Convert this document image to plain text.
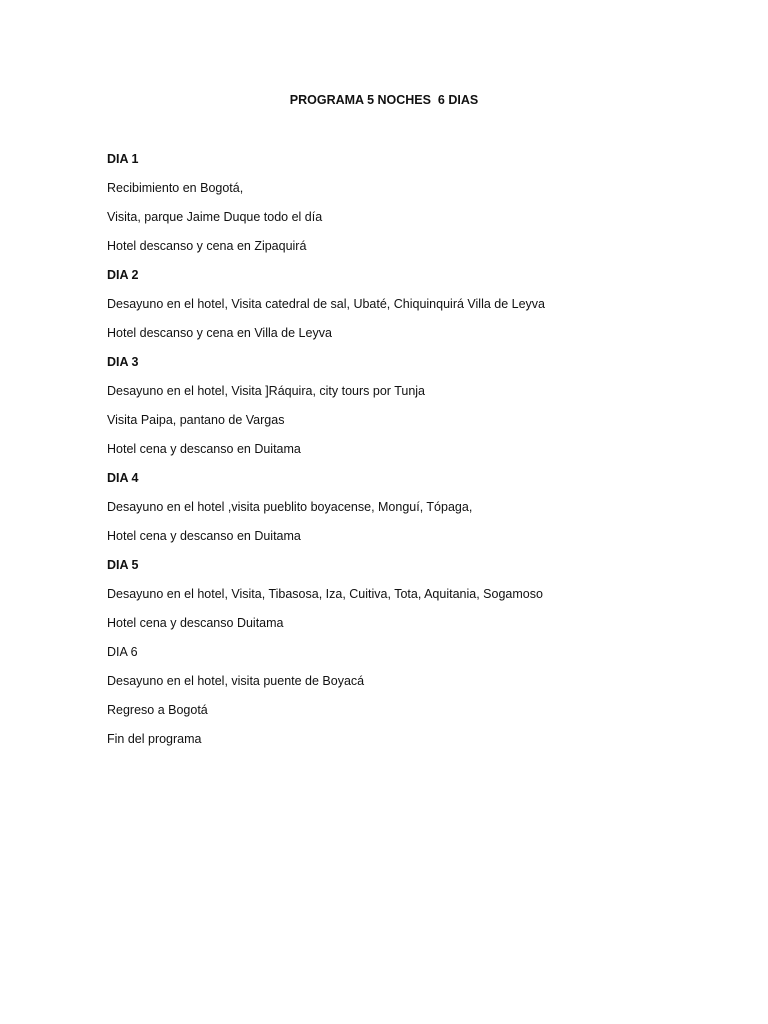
PROGRAMA 5 NOCHES  6 DIAS
DIA 1
Recibimiento en Bogotá,
Visita, parque Jaime Duque todo el día
Hotel descanso y cena en Zipaquirá
DIA 2
Desayuno en el hotel, Visita catedral de sal, Ubaté, Chiquinquirá Villa de Leyva
Hotel descanso y cena en Villa de Leyva
DIA 3
Desayuno en el hotel, Visita ]Ráquira, city tours por Tunja
Visita Paipa, pantano de Vargas
Hotel cena y descanso en Duitama
DIA 4
Desayuno en el hotel ,visita pueblito boyacense, Monguí, Tópaga,
Hotel cena y descanso en Duitama
DIA 5
Desayuno en el hotel, Visita, Tibasosa, Iza, Cuitiva, Tota, Aquitania, Sogamoso
Hotel cena y descanso Duitama
DIA 6
Desayuno en el hotel, visita puente de Boyacá
Regreso a Bogotá
Fin del programa
